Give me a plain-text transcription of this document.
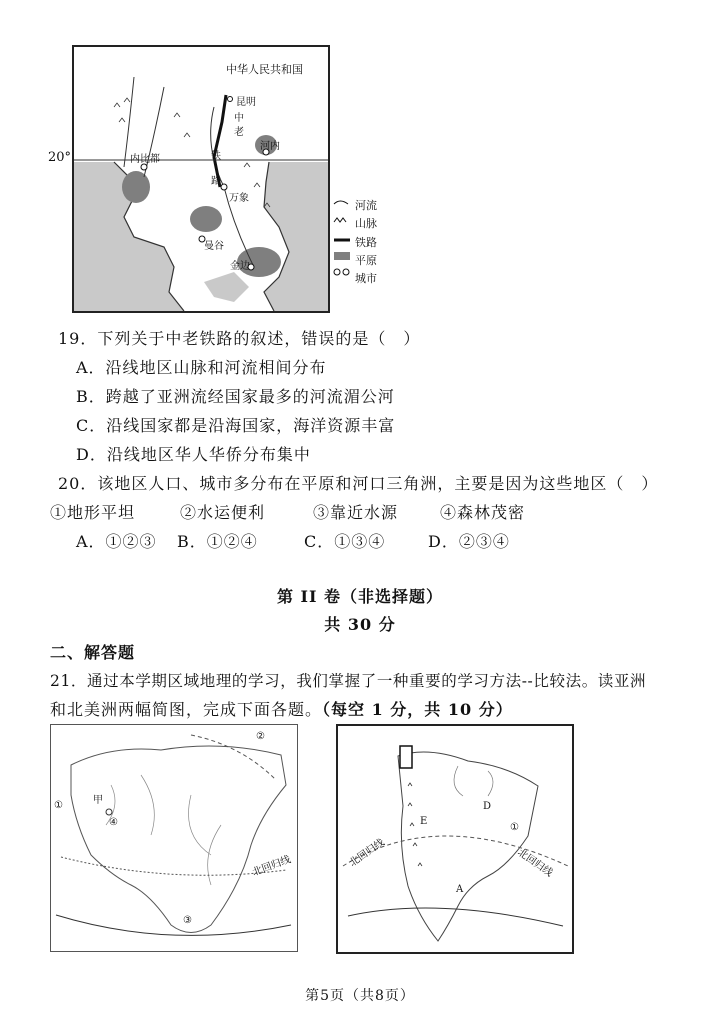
中华人民共和国
昆明
河内
内比都
万象
曼谷
金边
中
老
铁
路
20°
河流
山脉
铁路
平原
城市
19．下列关于中老铁路的叙述，错误的是（　）
A．沿线地区山脉和河流相间分布
B．跨越了亚洲流经国家最多的河流湄公河
C．沿线国家都是沿海国家，海洋资源丰富
D．沿线地区华人华侨分布集中
20．该地区人口、城市多分布在平原和河口三角洲，主要是因为这些地区（　）
①地形平坦	②水运便利	③靠近水源	④森林茂密
A．①②③ B．①②④	C．①③④	D．②③④
第 II 卷（非选择题）
共 30 分
二、解答题
21．通过本学期区域地理的学习，我们掌握了一种重要的学习方法--比较法。读亚洲
和北美洲两幅简图，完成下面各题。（每空 1 分，共 10 分）
①
②
③
④
甲
北回归线
①
A
E
D
北回归线	北回归线
第5页（共8页）
